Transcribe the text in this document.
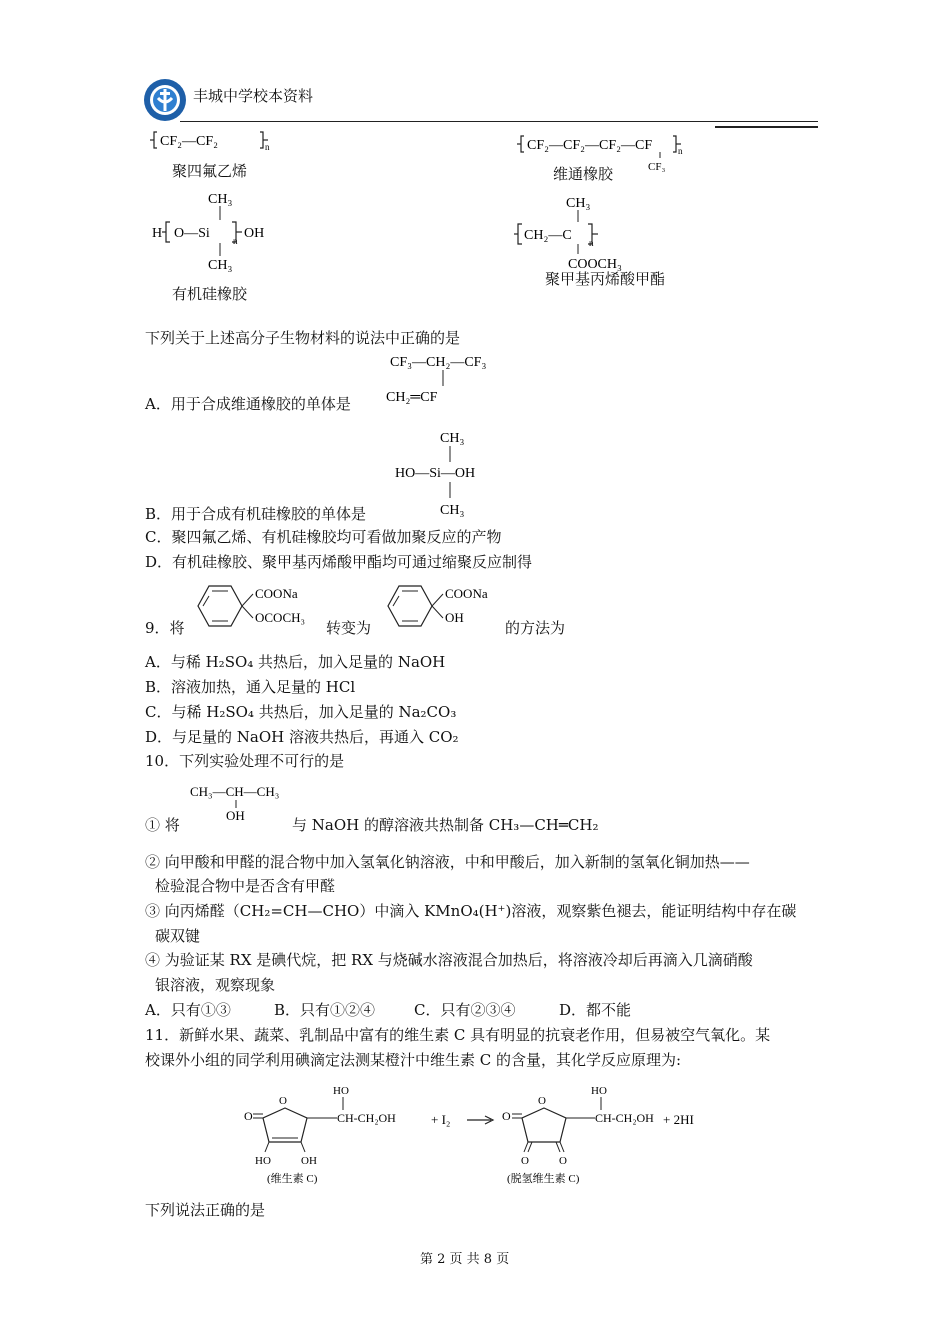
丰城中学校本资料
CF₂—CF₂	n	CF₂—CF₂—CF₂—CF
CF₃
n
CH₃
H O—Si	n OH
CH₃
CH₃
CH₂—C n
COOCH₃
聚四氟乙烯	维通橡胶
有机硅橡胶
聚甲基丙烯酸甲酯
下列关于上述高分子生物材料的说法中正确的是
CF₃—CH₂—CF₃
CH₂═CF
A．用于合成维通橡胶的单体是
CH₃
HO—Si—OH
CH₃
B．用于合成有机硅橡胶的单体是
C．聚四氟乙烯、有机硅橡胶均可看做加聚反应的产物
D．有机硅橡胶、聚甲基丙烯酸甲酯均可通过缩聚反应制得
9．将
COONa
OCOCH₃
转变为
COONa
OH
的方法为
A．与稀 H₂SO₄ 共热后，加入足量的 NaOH
B．溶液加热，通入足量的 HCl
C．与稀 H₂SO₄ 共热后，加入足量的 Na₂CO₃
D．与足量的 NaOH 溶液共热后，再通入 CO₂
10．下列实验处理不可行的是
CH₃—CH—CH₃
OH
① 将	与 NaOH 的醇溶液共热制备 CH₃—CH═CH₂
② 向甲酸和甲醛的混合物中加入氢氧化钠溶液，中和甲酸后，加入新制的氢氧化铜加热——
检验混合物中是否含有甲醛
③ 向丙烯醛（CH₂=CH—CHO）中滴入 KMnO₄(H⁺)溶液，观察紫色褪去，能证明结构中存在碳
碳双键
④ 为验证某 RX 是碘代烷，把 RX 与烧碱水溶液混合加热后，将溶液冷却后再滴入几滴硝酸
银溶液，观察现象
A．只有①③	B．只有①②④	C．只有②③④	D．都不能
11．新鲜水果、蔬菜、乳制品中富有的维生素 C 具有明显的抗衰老作用，但易被空气氧化。某
校课外小组的同学利用碘滴定法测某橙汁中维生素 C 的含量，其化学反应原理为:
O
O
HO	OH
HO
CH-CH₂OH
(维生素 C)
+ I₂
O
O
O	O
HO
CH-CH₂OH
(脱氢维生素 C)
+ 2HI
下列说法正确的是
第 2 页 共 8 页
